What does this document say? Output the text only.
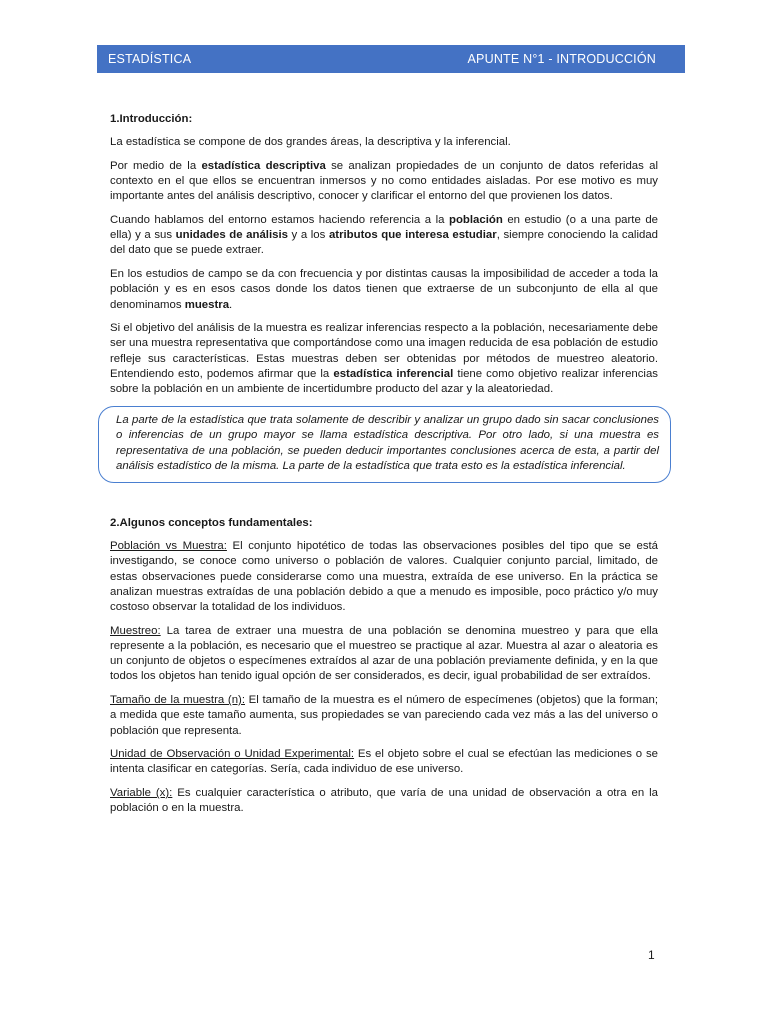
ESTADÍSTICA	APUNTE N°1 - INTRODUCCIÓN
1.Introducción:

La estadística se compone de dos grandes áreas, la descriptiva y la inferencial.

Por medio de la estadística descriptiva se analizan propiedades de un conjunto de datos referidas al contexto en el que ellos se encuentran inmersos y no como entidades aisladas. Por ese motivo es muy importante antes del análisis descriptivo, conocer y clarificar el entorno del que provienen los datos.

Cuando hablamos del entorno estamos haciendo referencia a la población en estudio (o a una parte de ella) y a sus unidades de análisis y a los atributos que interesa estudiar, siempre conociendo la calidad del dato que se puede extraer.

En los estudios de campo se da con frecuencia y por distintas causas la imposibilidad de acceder a toda la población y es en esos casos donde los datos tienen que extraerse de un subconjunto de ella al que denominamos muestra.

Si el objetivo del análisis de la muestra es realizar inferencias respecto a la población, necesariamente debe ser una muestra representativa que comportándose como una imagen reducida de esa población de estudio refleje sus características. Estas muestras deben ser obtenidas por métodos de muestreo aleatorio. Entendiendo esto, podemos afirmar que la estadística inferencial tiene como objetivo realizar inferencias sobre la población en un ambiente de incertidumbre producto del azar y la aleatoriedad.

La parte de la estadística que trata solamente de describir y analizar un grupo dado sin sacar conclusiones o inferencias de un grupo mayor se llama estadística descriptiva. Por otro lado, si una muestra es representativa de una población, se pueden deducir importantes conclusiones acerca de esta, a partir del análisis estadístico de la misma. La parte de la estadística que trata esto es la estadística inferencial.
2.Algunos conceptos fundamentales:

Población vs Muestra: El conjunto hipotético de todas las observaciones posibles del tipo que se está investigando, se conoce como universo o población de valores. Cualquier conjunto parcial, limitado, de estas observaciones puede considerarse como una muestra, extraída de ese universo. En la práctica se analizan muestras extraídas de una población debido a que a menudo es imposible, poco práctico y/o muy costoso observar la totalidad de los individuos.

Muestreo: La tarea de extraer una muestra de una población se denomina muestreo y para que ella represente a la población, es necesario que el muestreo se practique al azar. Muestra al azar o aleatoria es un conjunto de objetos o especímenes extraídos al azar de una población previamente definida, y en la que todos los objetos han tenido igual opción de ser considerados, es decir, igual probabilidad de ser extraídos.

Tamaño de la muestra (n): El tamaño de la muestra es el número de especímenes (objetos) que la forman; a medida que este tamaño aumenta, sus propiedades se van pareciendo cada vez más a las del universo o población que representa.

Unidad de Observación o Unidad Experimental: Es el objeto sobre el cual se efectúan las mediciones o se intenta clasificar en categorías. Sería, cada individuo de ese universo.

Variable (x): Es cualquier característica o atributo, que varía de una unidad de observación a otra en la población o en la muestra.

1
